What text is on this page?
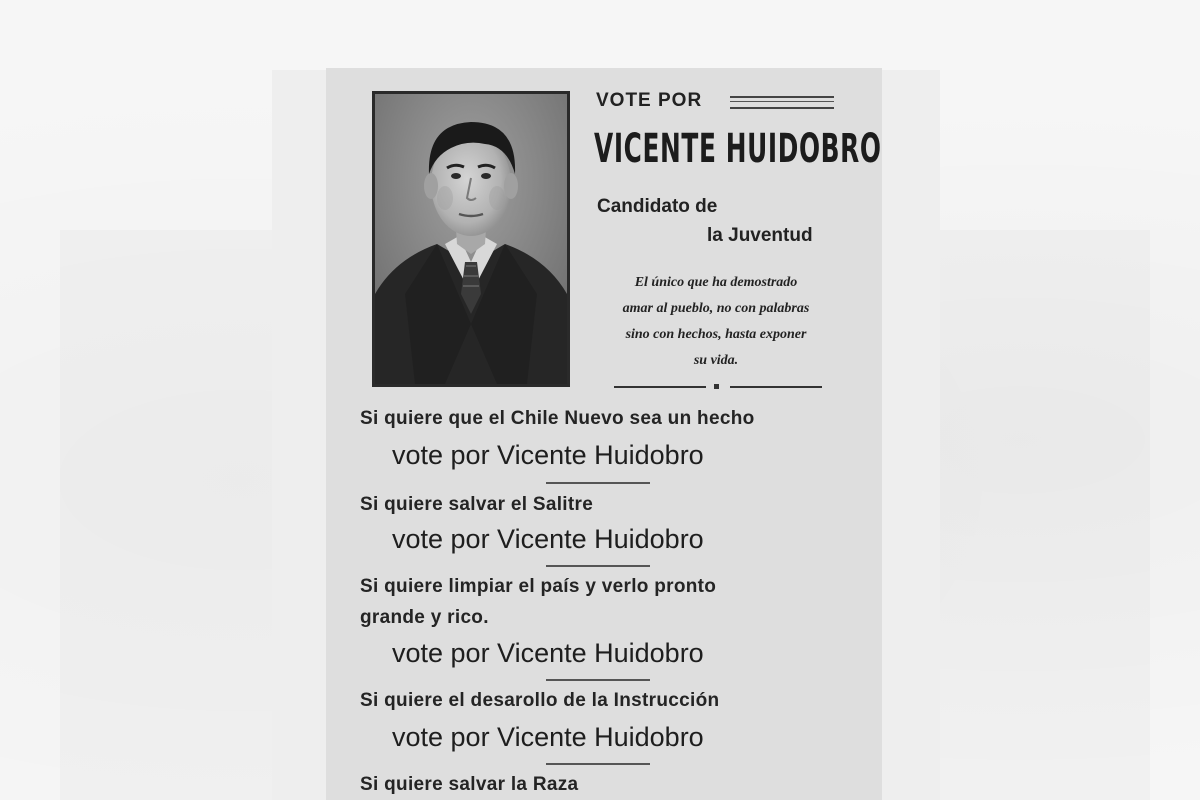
VOTE POR
VICENTE HUIDOBRO
Candidato de
la Juventud
El único que ha demostrado
amar al pueblo, no con palabras
sino con hechos, hasta exponer
su vida.
Si quiere que el Chile Nuevo sea un hecho
vote por Vicente Huidobro
Si quiere salvar el Salitre
vote por Vicente Huidobro
Si quiere limpiar el país y verlo pronto
grande y rico.
vote por Vicente Huidobro
Si quiere el desarollo de la Instrucción
vote por Vicente Huidobro
Si quiere salvar la Raza
